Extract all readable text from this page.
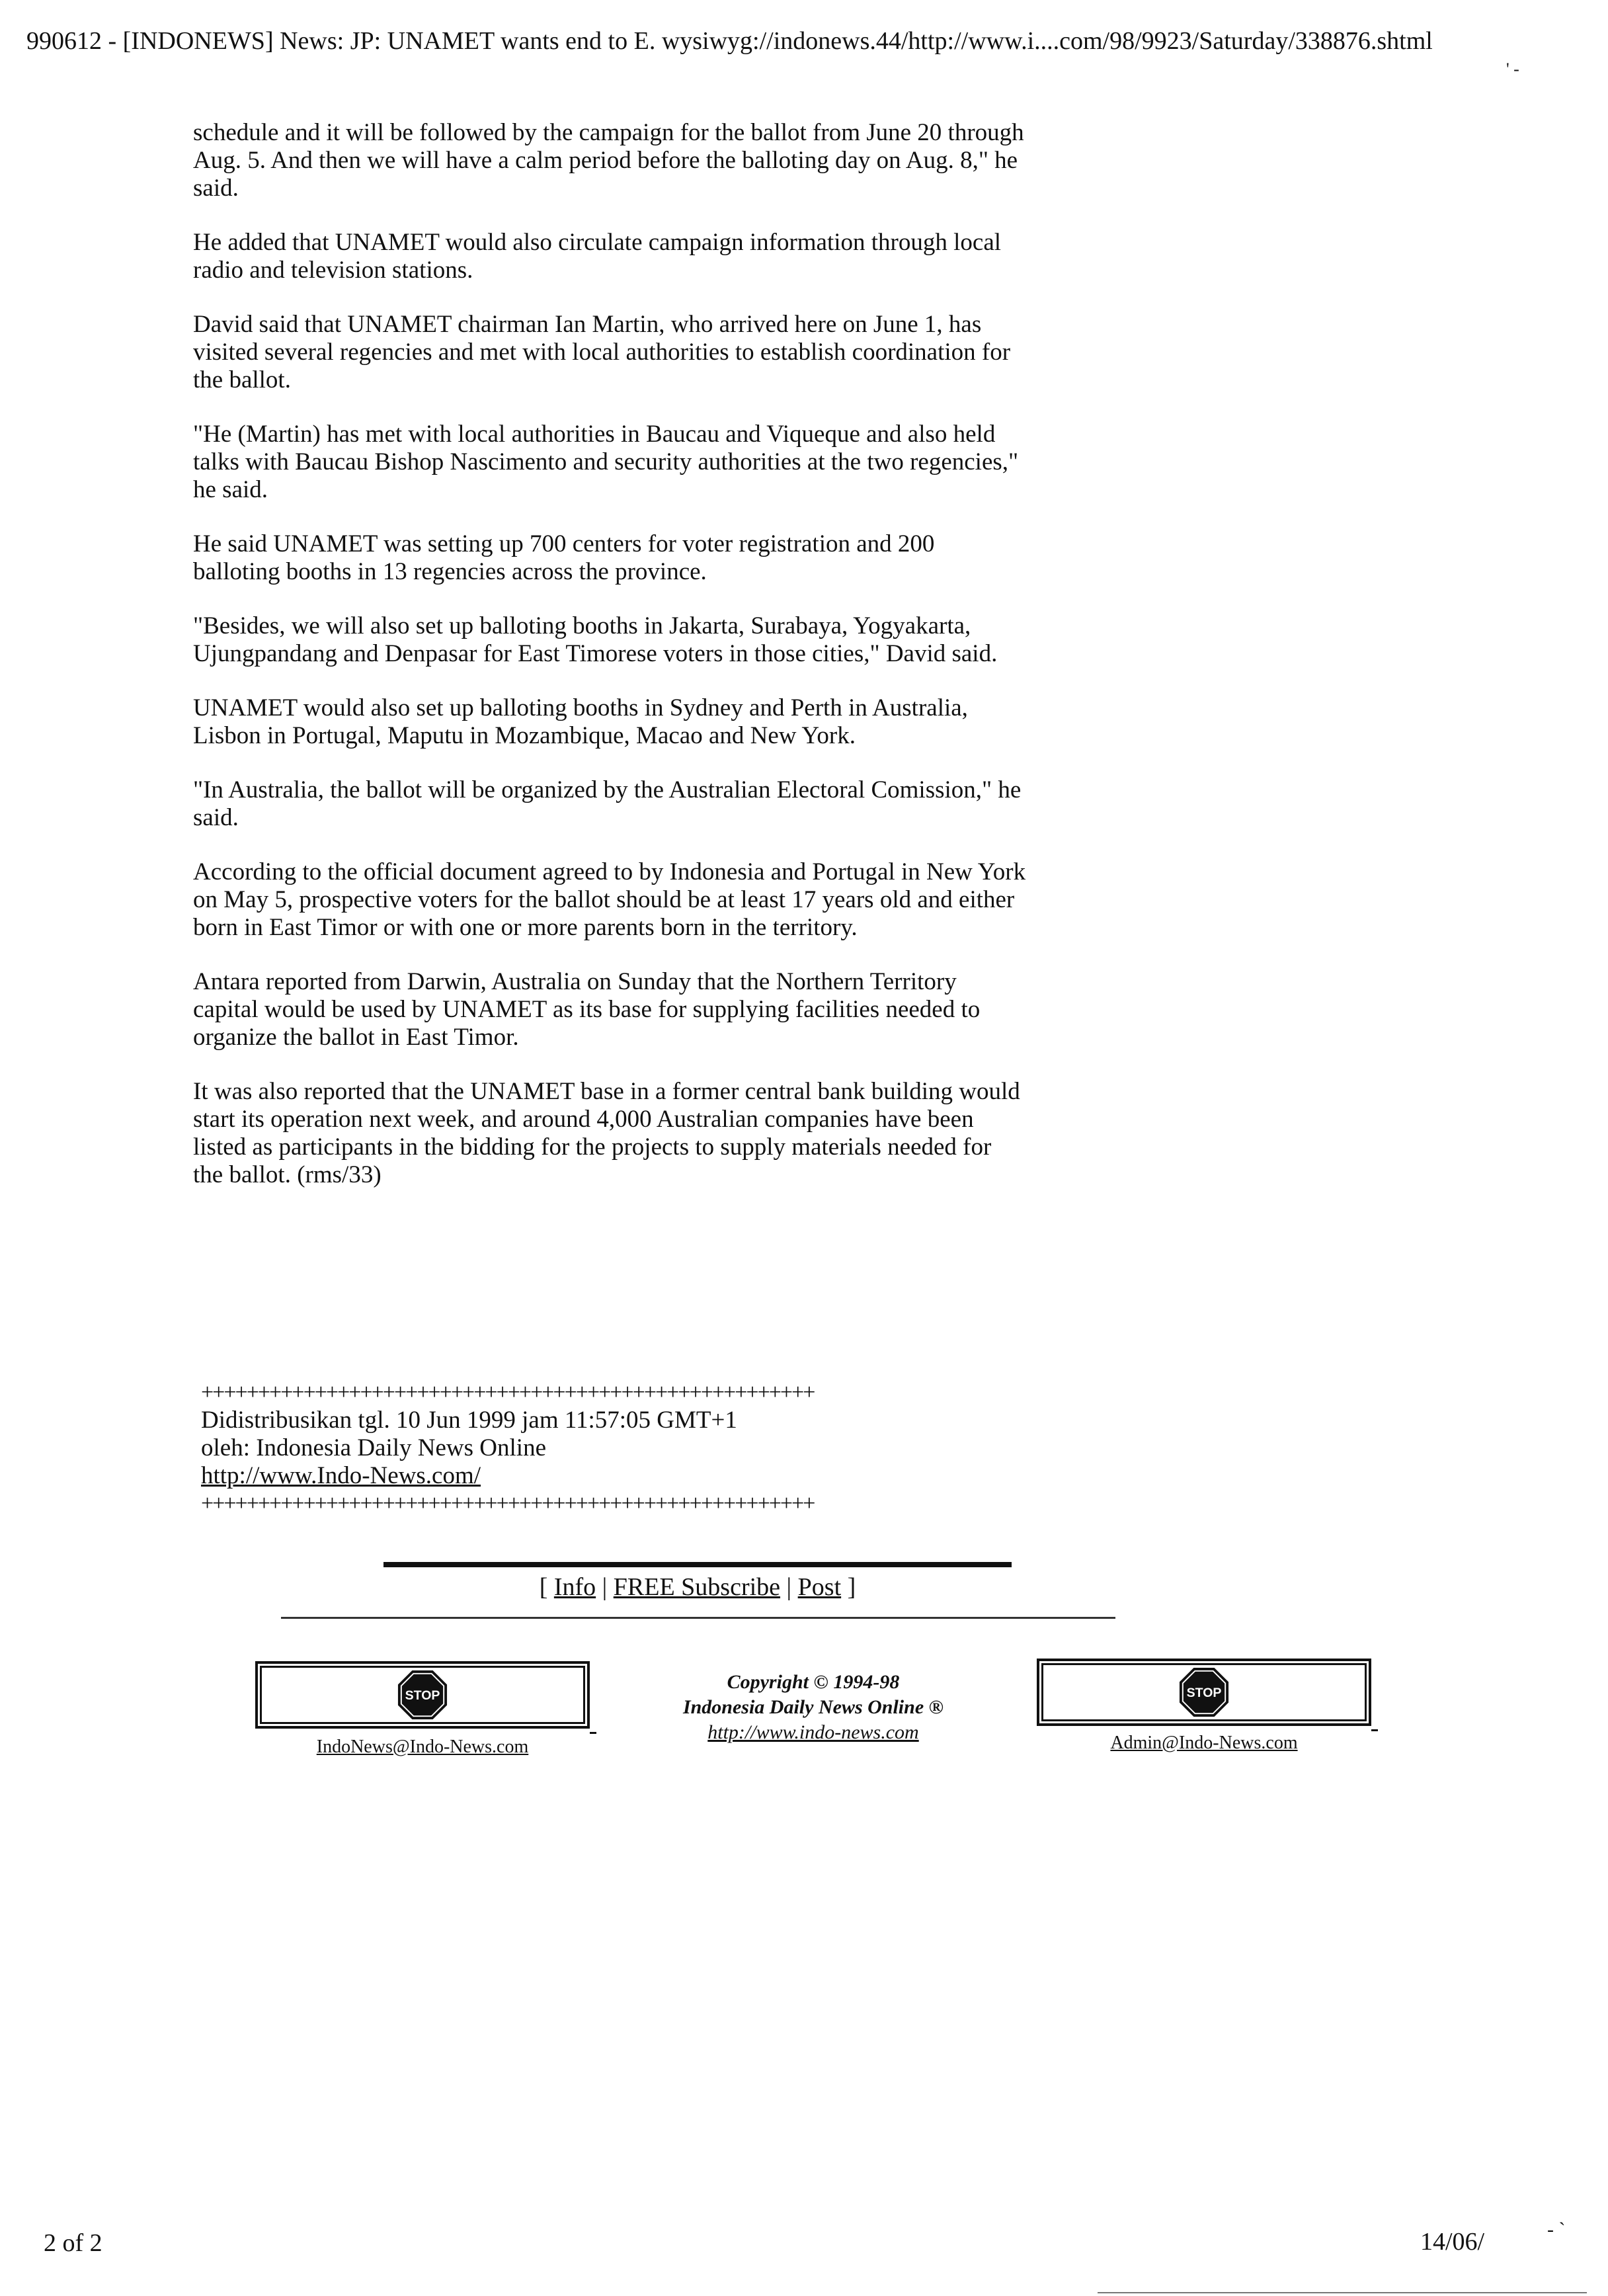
990612 - [INDONEWS] News: JP: UNAMET wants end to E. wysiwyg://indonews.44/http://www.i....com/98/9923/Saturday/338876.shtml
' -

schedule and it will be followed by the campaign for the ballot from June 20 through Aug. 5. And then we will have a calm period before the balloting day on Aug. 8," he said.

He added that UNAMET would also circulate campaign information through local radio and television stations.

David said that UNAMET chairman Ian Martin, who arrived here on June 1, has visited several regencies and met with local authorities to establish coordination for the ballot.

"He (Martin) has met with local authorities in Baucau and Viqueque and also held talks with Baucau Bishop Nascimento and security authorities at the two regencies," he said.

He said UNAMET was setting up 700 centers for voter registration and 200 balloting booths in 13 regencies across the province.

"Besides, we will also set up balloting booths in Jakarta, Surabaya, Yogyakarta, Ujungpandang and Denpasar for East Timorese voters in those cities," David said.

UNAMET would also set up balloting booths in Sydney and Perth in Australia, Lisbon in Portugal, Maputu in Mozambique, Macao and New York.

"In Australia, the ballot will be organized by the Australian Electoral Comission," he said.

According to the official document agreed to by Indonesia and Portugal in New York on May 5, prospective voters for the ballot should be at least 17 years old and either born in East Timor or with one or more parents born in the territory.

Antara reported from Darwin, Australia on Sunday that the Northern Territory capital would be used by UNAMET as its base for supplying facilities needed to organize the ballot in East Timor.

It was also reported that the UNAMET base in a former central bank building would start its operation next week, and around 4,000 Australian companies have been listed as participants in the bidding for the projects to supply materials needed for the ballot. (rms/33)

++++++++++++++++++++++++++++++++++++++++++++++++++++++
Didistribusikan tgl. 10 Jun 1999 jam 11:57:05 GMT+1
oleh: Indonesia Daily News Online
http://www.Indo-News.com/
++++++++++++++++++++++++++++++++++++++++++++++++++++++
[ Info | FREE Subscribe | Post ]
STOP
IndoNews@Indo-News.com
Copyright © 1994-98
Indonesia Daily News Online ®
http://www.indo-news.com
STOP
Admin@Indo-News.com
2 of 2	14/06/	- `
